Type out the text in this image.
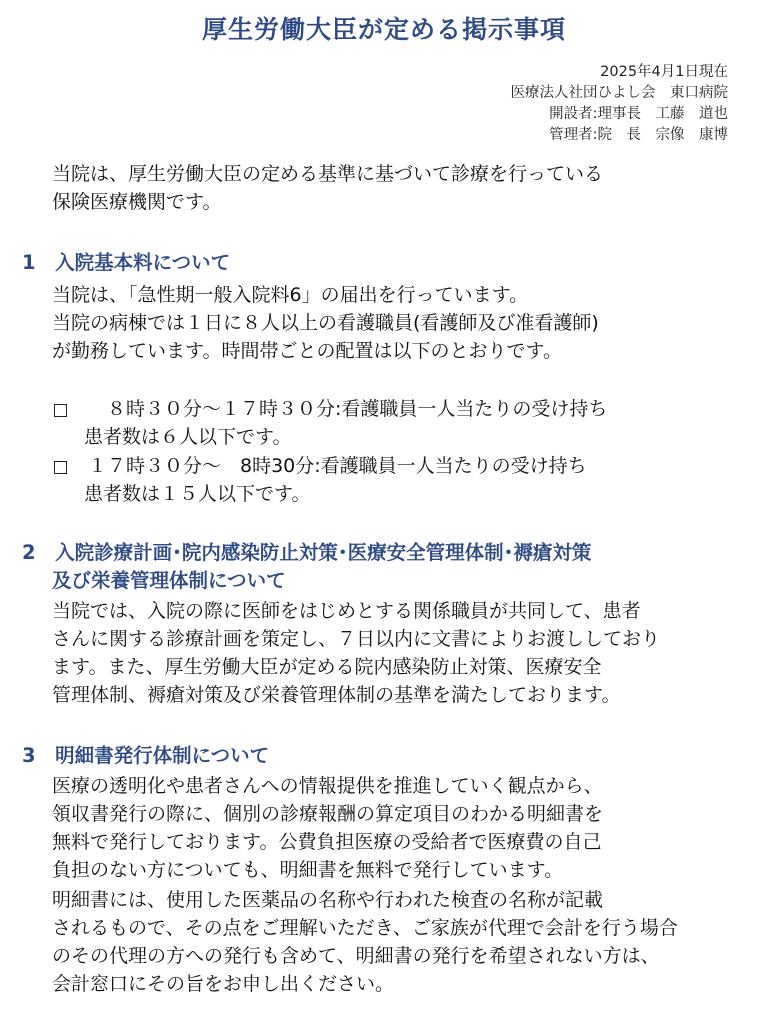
厚生労働大臣が定める掲示事項
2025年4月1日現在
医療法人社団ひよし会　東口病院
開設者:理事長　工藤　道也
管理者:院　長　宗像　康博
当院は、厚生労働大臣の定める基準に基づいて診療を行っている
保険医療機関です。
1　入院基本料について
当院は、「急性期一般入院料6」の届出を行っています。
当院の病棟では１日に８人以上の看護職員(看護師及び准看護師)
が勤務しています。時間帯ごとの配置は以下のとおりです。
　８時３０分～１７時３０分:看護職員一人当たりの受け持ち
患者数は６人以下です。
１７時３０分～　8時30分:看護職員一人当たりの受け持ち
患者数は１５人以下です。
2　入院診療計画･院内感染防止対策･医療安全管理体制･褥瘡対策
及び栄養管理体制について
当院では、入院の際に医師をはじめとする関係職員が共同して、患者
さんに関する診療計画を策定し、７日以内に文書によりお渡ししており
ます。また、厚生労働大臣が定める院内感染防止対策、医療安全
管理体制、褥瘡対策及び栄養管理体制の基準を満たしております。
3　明細書発行体制について
医療の透明化や患者さんへの情報提供を推進していく観点から、
領収書発行の際に、個別の診療報酬の算定項目のわかる明細書を
無料で発行しております。公費負担医療の受給者で医療費の自己
負担のない方についても、明細書を無料で発行しています。
明細書には、使用した医薬品の名称や行われた検査の名称が記載
されるもので、その点をご理解いただき、ご家族が代理で会計を行う場合
のその代理の方への発行も含めて、明細書の発行を希望されない方は、
会計窓口にその旨をお申し出ください。
